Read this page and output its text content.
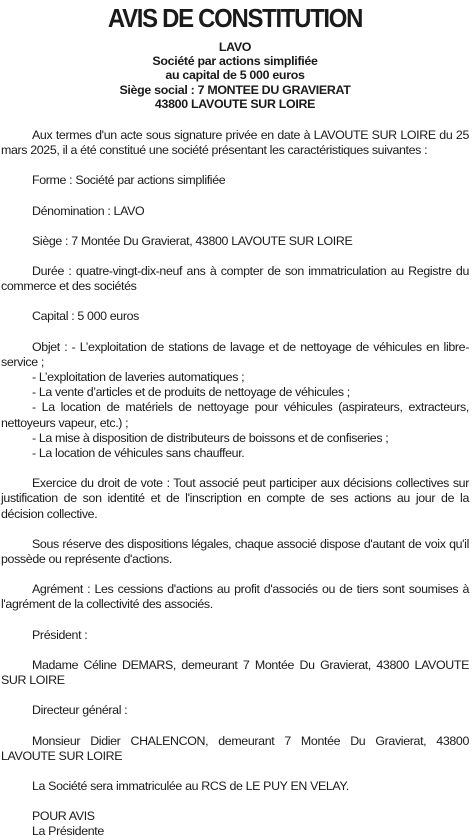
AVIS DE CONSTITUTION
LAVO
Société par actions simplifiée
au capital de 5 000 euros
Siège social : 7 MONTEE DU GRAVIERAT
43800 LAVOUTE SUR LOIRE
Aux termes d'un acte sous signature privée en date à LAVOUTE SUR LOIRE du 25 mars 2025, il a été constitué une société présentant les caractéristiques suivantes :
Forme : Société par actions simplifiée
Dénomination : LAVO
Siège : 7 Montée Du Gravierat, 43800 LAVOUTE SUR LOIRE
Durée : quatre-vingt-dix-neuf ans à compter de son immatriculation au Registre du commerce et des sociétés
Capital : 5 000 euros
Objet : - L’exploitation de stations de lavage et de nettoyage de véhicules en libre-service ;
- L’exploitation de laveries automatiques ;
- La vente d’articles et de produits de nettoyage de véhicules ;
- La location de matériels de nettoyage pour véhicules (aspirateurs, extracteurs, nettoyeurs vapeur, etc.) ;
- La mise à disposition de distributeurs de boissons et de confiseries ;
- La location de véhicules sans chauffeur.
Exercice du droit de vote : Tout associé peut participer aux décisions collectives sur justification de son identité et de l'inscription en compte de ses actions au jour de la décision collective.
Sous réserve des dispositions légales, chaque associé dispose d'autant de voix qu'il possède ou représente d'actions.
Agrément : Les cessions d'actions au profit d'associés ou de tiers sont soumises à l'agrément de la collectivité des associés.
Président :
Madame Céline DEMARS, demeurant 7 Montée Du Gravierat, 43800 LAVOUTE SUR LOIRE
Directeur général :
Monsieur Didier CHALENCON, demeurant 7 Montée Du Gravierat, 43800 LAVOUTE SUR LOIRE
La Société sera immatriculée au RCS de LE PUY EN VELAY.
POUR AVIS
La Présidente
